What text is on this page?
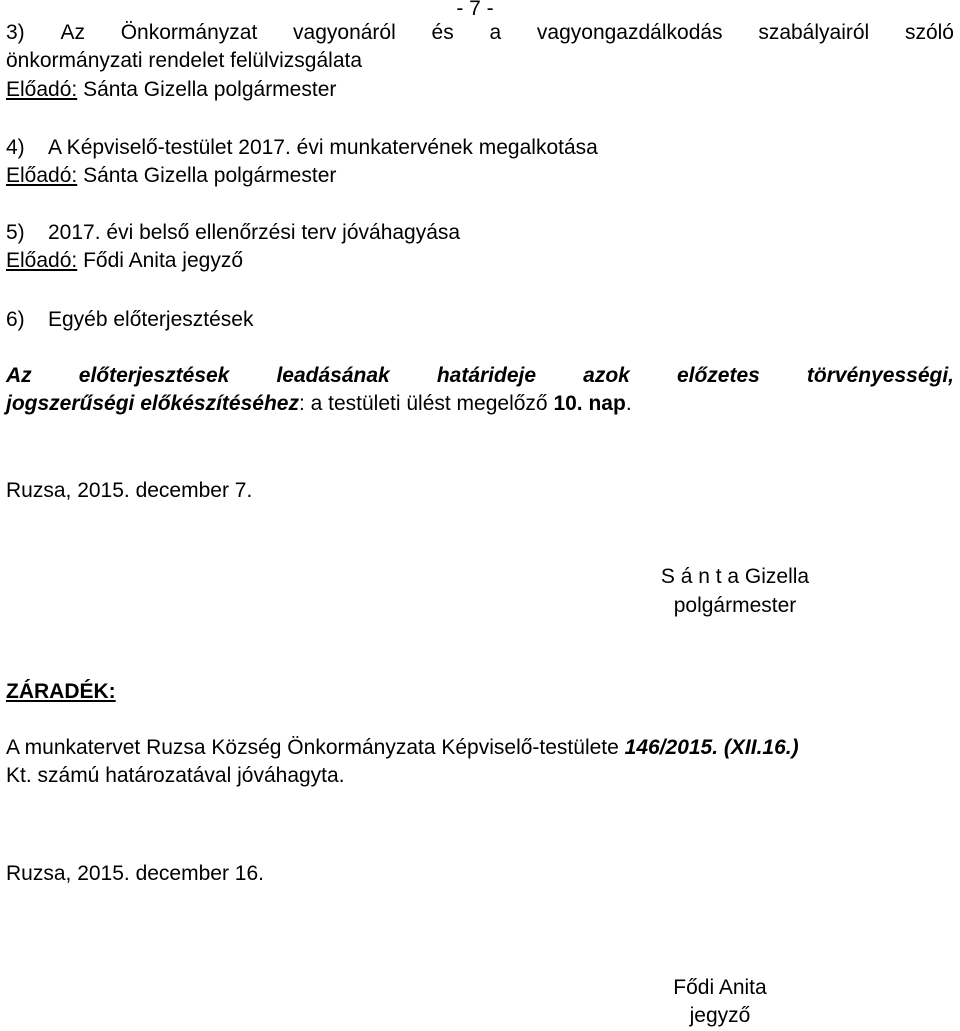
- 7 -
3) Az Önkormányzat vagyonáról és a vagyongazdálkodás szabályairól szóló
önkormányzati rendelet felülvizsgálata
Előadó: Sánta Gizella polgármester
4) A Képviselő-testület 2017. évi munkatervének megalkotása
Előadó: Sánta Gizella polgármester
5) 2017. évi belső ellenőrzési terv jóváhagyása
Előadó: Fődi Anita jegyző
6) Egyéb előterjesztések
Az előterjesztések leadásának határideje azok előzetes törvényességi,
jogszerűségi előkészítéséhez: a testületi ülést megelőző 10. nap.
Ruzsa, 2015. december 7.
S á n t a Gizella
polgármester
ZÁRADÉK:
A munkatervet Ruzsa Község Önkormányzata Képviselő-testülete 146/2015. (XII.16.)
Kt. számú határozatával jóváhagyta.
Ruzsa, 2015. december 16.
Fődi Anita
jegyző
